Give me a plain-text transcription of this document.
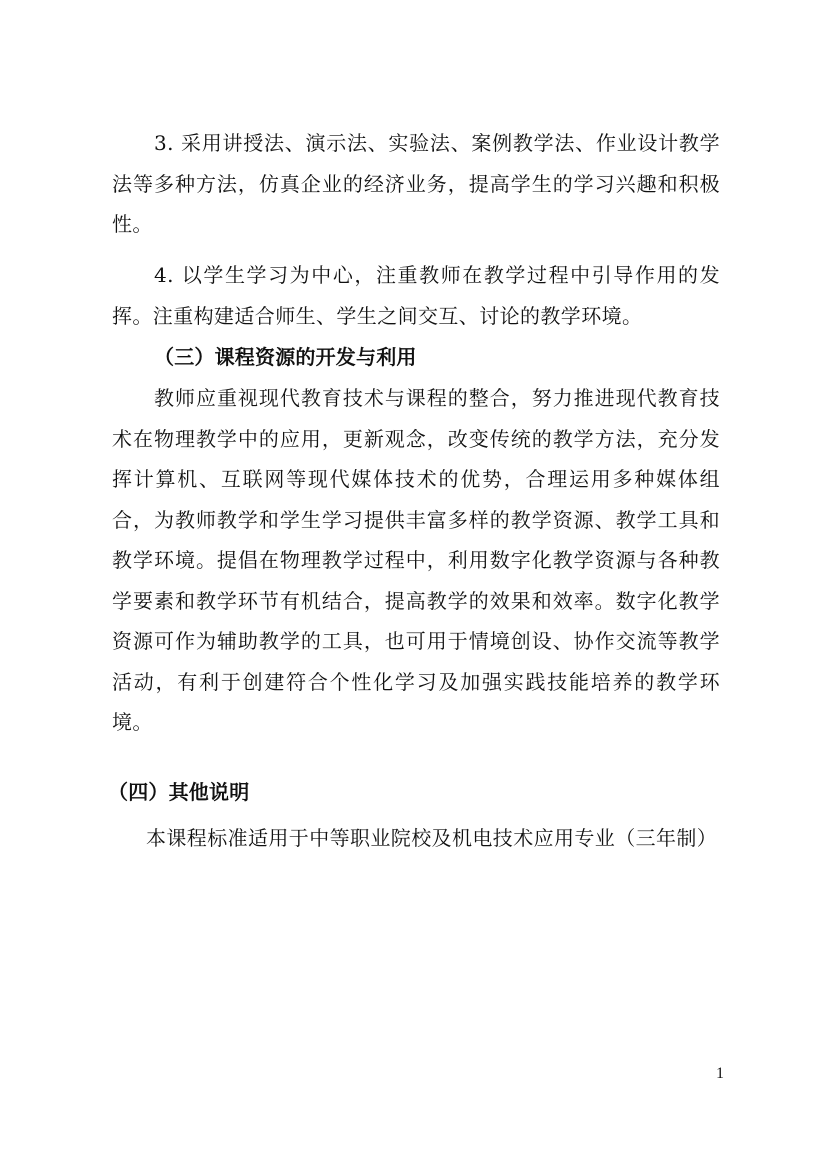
3. 采用讲授法、演示法、实验法、案例教学法、作业设计教学法等多种方法，仿真企业的经济业务，提高学生的学习兴趣和积极性。

4. 以学生学习为中心，注重教师在教学过程中引导作用的发挥。注重构建适合师生、学生之间交互、讨论的教学环境。

（三）课程资源的开发与利用

教师应重视现代教育技术与课程的整合，努力推进现代教育技术在物理教学中的应用，更新观念，改变传统的教学方法，充分发挥计算机、互联网等现代媒体技术的优势，合理运用多种媒体组合，为教师教学和学生学习提供丰富多样的教学资源、教学工具和教学环境。提倡在物理教学过程中，利用数字化教学资源与各种教学要素和教学环节有机结合，提高教学的效果和效率。数字化教学资源可作为辅助教学的工具，也可用于情境创设、协作交流等教学活动，有利于创建符合个性化学习及加强实践技能培养的教学环境。

（四）其他说明

本课程标准适用于中等职业院校及机电技术应用专业（三年制）

1
